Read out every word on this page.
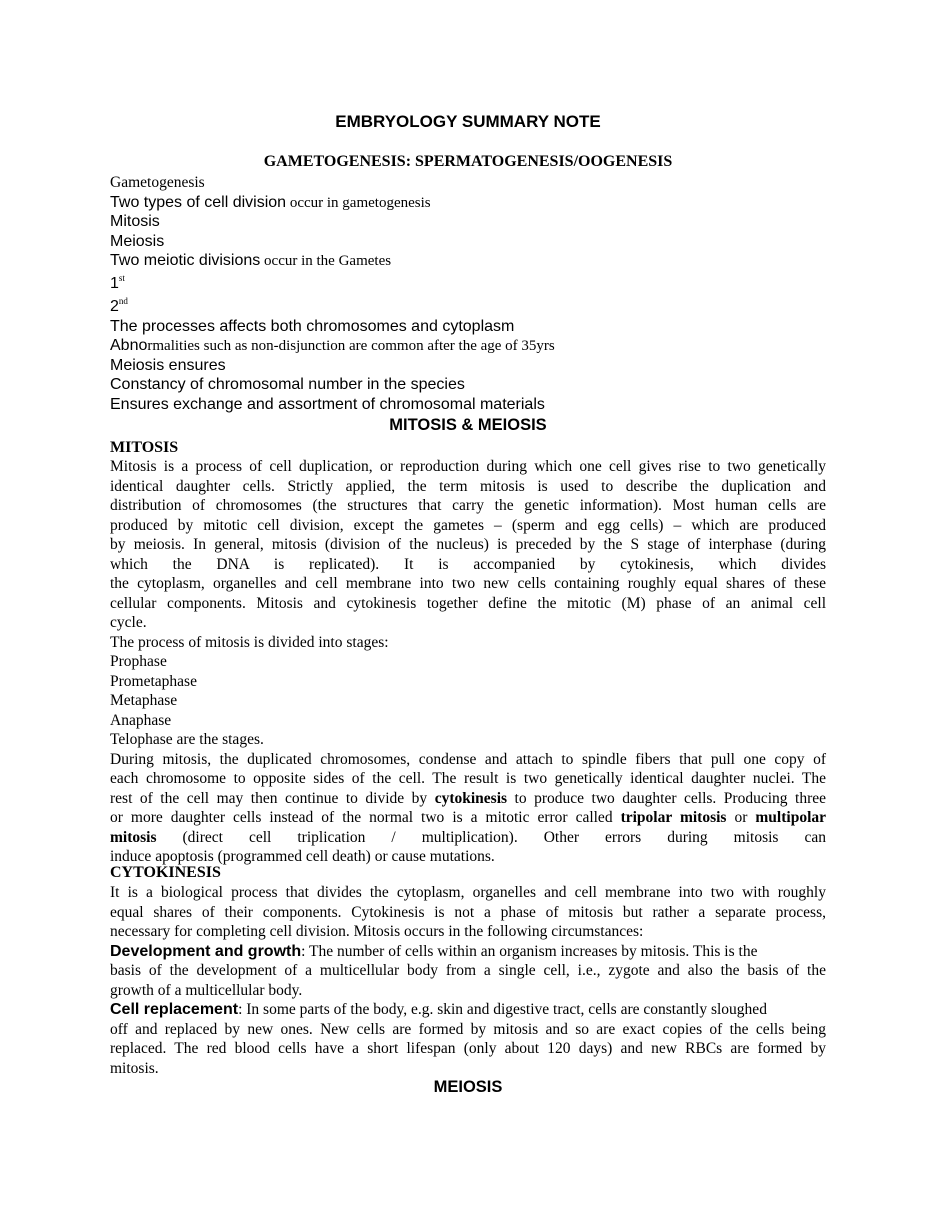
EMBRYOLOGY SUMMARY NOTE
GAMETOGENESIS: SPERMATOGENESIS/OOGENESIS
Gametogenesis
Two types of cell division occur in gametogenesis
Mitosis
Meiosis
Two meiotic divisions occur in the Gametes
1st
2nd
The processes affects both chromosomes and cytoplasm
Abnormalities such as non-disjunction are common after the age of 35yrs
Meiosis ensures
Constancy of chromosomal number in the species
Ensures exchange and assortment of chromosomal materials
MITOSIS & MEIOSIS
MITOSIS

Mitosis is a process of cell duplication, or reproduction during which one cell gives rise to two genetically

identical daughter cells. Strictly applied, the term mitosis is used to describe the duplication and

distribution of chromosomes (the structures that carry the genetic information). Most human cells are

produced by mitotic cell division, except the gametes – (sperm and egg cells) – which are produced

by meiosis. In general, mitosis (division of the nucleus) is preceded by the S stage of interphase (during

which the DNA is replicated). It is accompanied by cytokinesis, which divides

the cytoplasm, organelles and cell membrane into two new cells containing roughly equal shares of these

cellular components. Mitosis and cytokinesis together define the mitotic (M) phase of an animal cell

cycle.

The process of mitosis is divided into stages:

Prophase

Prometaphase

Metaphase

Anaphase

Telophase are the stages.

During mitosis, the duplicated chromosomes, condense and attach to spindle fibers that pull one copy of

each chromosome to opposite sides of the cell. The result is two genetically identical daughter nuclei. The

rest of the cell may then continue to divide by cytokinesis to produce two daughter cells. Producing three

or more daughter cells instead of the normal two is a mitotic error called tripolar mitosis or multipolar

mitosis (direct cell triplication / multiplication). Other errors during mitosis can

induce apoptosis (programmed cell death) or cause mutations.

CYTOKINESIS

It is a biological process that divides the cytoplasm, organelles and cell membrane into two with roughly

equal shares of their components. Cytokinesis is not a phase of mitosis but rather a separate process,

necessary for completing cell division. Mitosis occurs in the following circumstances:

Development and growth: The number of cells within an organism increases by mitosis. This is the

basis of the development of a multicellular body from a single cell, i.e., zygote and also the basis of the

growth of a multicellular body.

Cell replacement: In some parts of the body, e.g. skin and digestive tract, cells are constantly sloughed

off and replaced by new ones. New cells are formed by mitosis and so are exact copies of the cells being

replaced. The red blood cells have a short lifespan (only about 120 days) and new RBCs are formed by

mitosis.

MEIOSIS
